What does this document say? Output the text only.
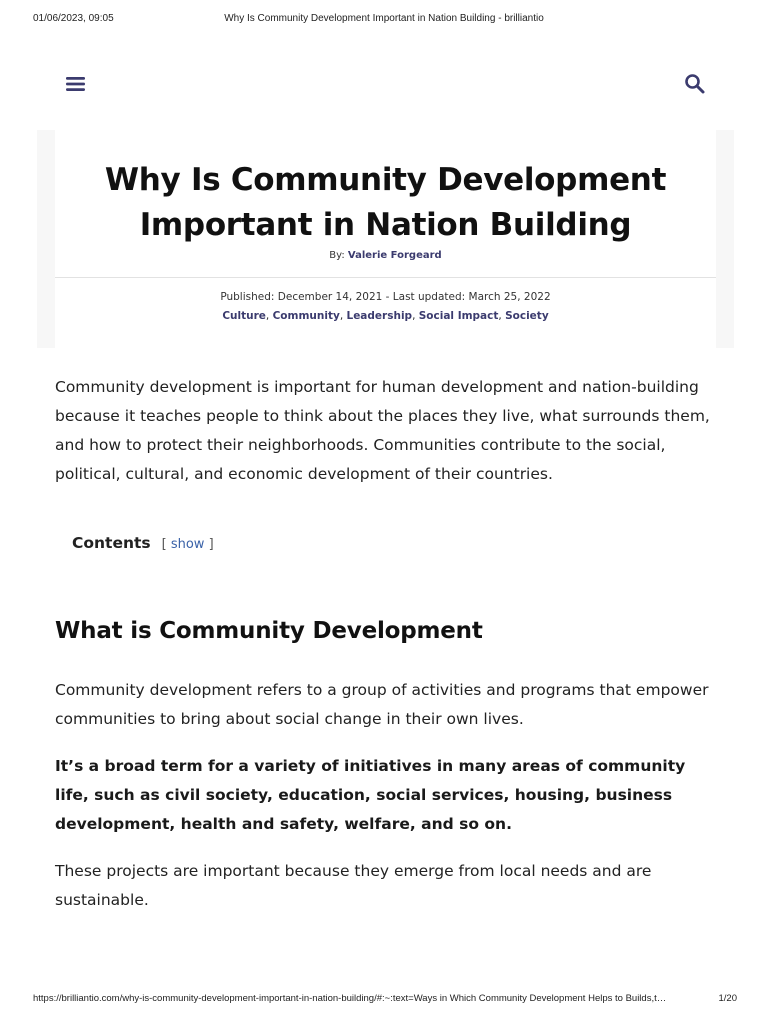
01/06/2023, 09:05	Why Is Community Development Important in Nation Building - brilliantio
Why Is Community Development
Important in Nation Building
By: Valerie Forgeard
Published: December 14, 2021 - Last updated: March 25, 2022
Culture, Community, Leadership, Social Impact, Society

Community development is important for human development and nation-building because it teaches people to think about the places they live, what surrounds them, and how to protect their neighborhoods. Communities contribute to the social, political, cultural, and economic development of their countries.

Contents [ show ]
What is Community Development

Community development refers to a group of activities and programs that empower communities to bring about social change in their own lives.

It’s a broad term for a variety of initiatives in many areas of community life, such as civil society, education, social services, housing, business development, health and safety, welfare, and so on.

These projects are important because they emerge from local needs and are sustainable.

https://brilliantio.com/why-is-community-development-important-in-nation-building/#:~:text=Ways in Which Community Development Helps to Builds,t…	1/20
